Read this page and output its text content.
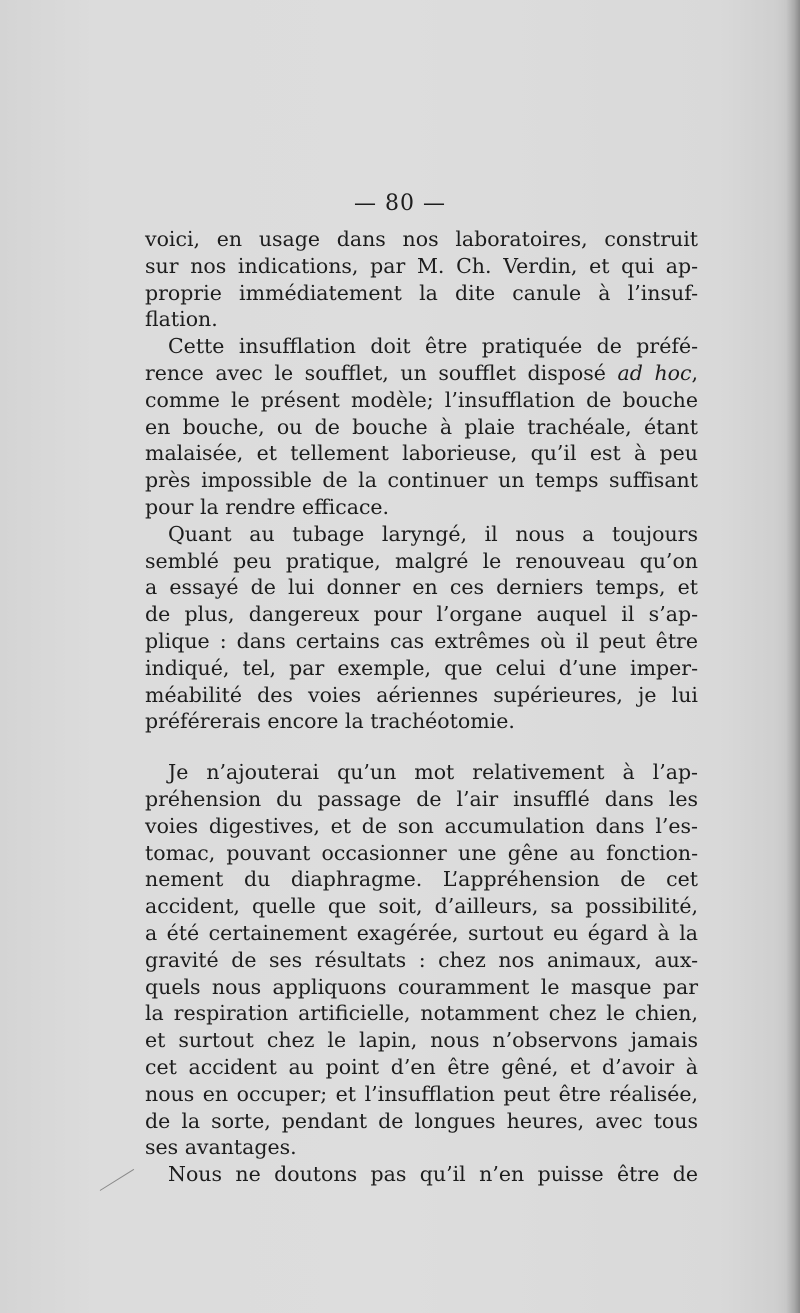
— 80 —
voici, en usage dans nos laboratoires, construit
sur nos indications, par M. Ch. Verdin, et qui ap-
proprie immédiatement la dite canule à l’insuf-
flation.
Cette insufflation doit être pratiquée de préfé-
rence avec le soufflet, un soufflet disposé ad hoc,
comme le présent modèle; l’insufflation de bouche
en bouche, ou de bouche à plaie trachéale, étant
malaisée, et tellement laborieuse, qu’il est à peu
près impossible de la continuer un temps suffisant
pour la rendre efficace.
Quant au tubage laryngé, il nous a toujours
semblé peu pratique, malgré le renouveau qu’on
a essayé de lui donner en ces derniers temps, et
de plus, dangereux pour l’organe auquel il s’ap-
plique : dans certains cas extrêmes où il peut être
indiqué, tel, par exemple, que celui d’une imper-
méabilité des voies aériennes supérieures, je lui
préférerais encore la trachéotomie.
Je n’ajouterai qu’un mot relativement à l’ap-
préhension du passage de l’air insufflé dans les
voies digestives, et de son accumulation dans l’es-
tomac, pouvant occasionner une gêne au fonction-
nement du diaphragme. L’appréhension de cet
accident, quelle que soit, d’ailleurs, sa possibilité,
a été certainement exagérée, surtout eu égard à la
gravité de ses résultats : chez nos animaux, aux-
quels nous appliquons couramment le masque par
la respiration artificielle, notamment chez le chien,
et surtout chez le lapin, nous n’observons jamais
cet accident au point d’en être gêné, et d’avoir à
nous en occuper; et l’insufflation peut être réalisée,
de la sorte, pendant de longues heures, avec tous
ses avantages.
Nous ne doutons pas qu’il n’en puisse être de
